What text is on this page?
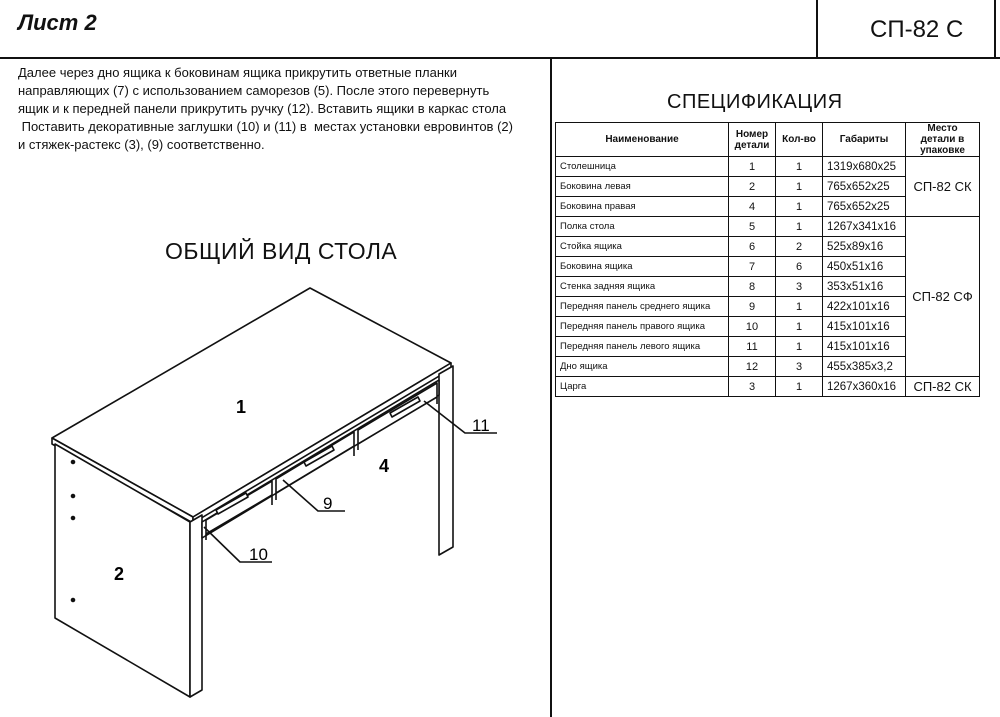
Лист 2	СП-82 С
Далее через дно ящика к боковинам ящика прикрутить ответные планки
направляющих (7) с использованием саморезов (5). После этого перевернуть
ящик и к передней панели прикрутить ручку (12). Вставить ящики в каркас стола
Поставить декоративные заглушки (10) и (11) в  местах установки евровинтов (2)
и стяжек-растекс (3), (9) соответственно.
ОБЩИЙ ВИД СТОЛА
1
2
4
11
9
10
СПЕЦИФИКАЦИЯ
Наименование	Номер детали	Кол-во	Габариты	Место детали в упаковке
Столешница	1	1	1319x680x25	СП-82 СК
Боковина левая	2	1	765x652x25	
Боковина правая	4	1	765x652x25	
Полка стола	5	1	1267x341x16	СП-82 СФ
Стойка ящика	6	2	525x89x16	
Боковина ящика	7	6	450x51x16	
Стенка задняя ящика	8	3	353x51x16	
Передняя панель среднего ящика	9	1	422x101x16	
Передняя панель правого ящика	10	1	415x101x16	
Передняя панель левого ящика	11	1	415x101x16	
Дно ящика	12	3	455x385x3,2	
Царга	3	1	1267x360x16	СП-82 СК
